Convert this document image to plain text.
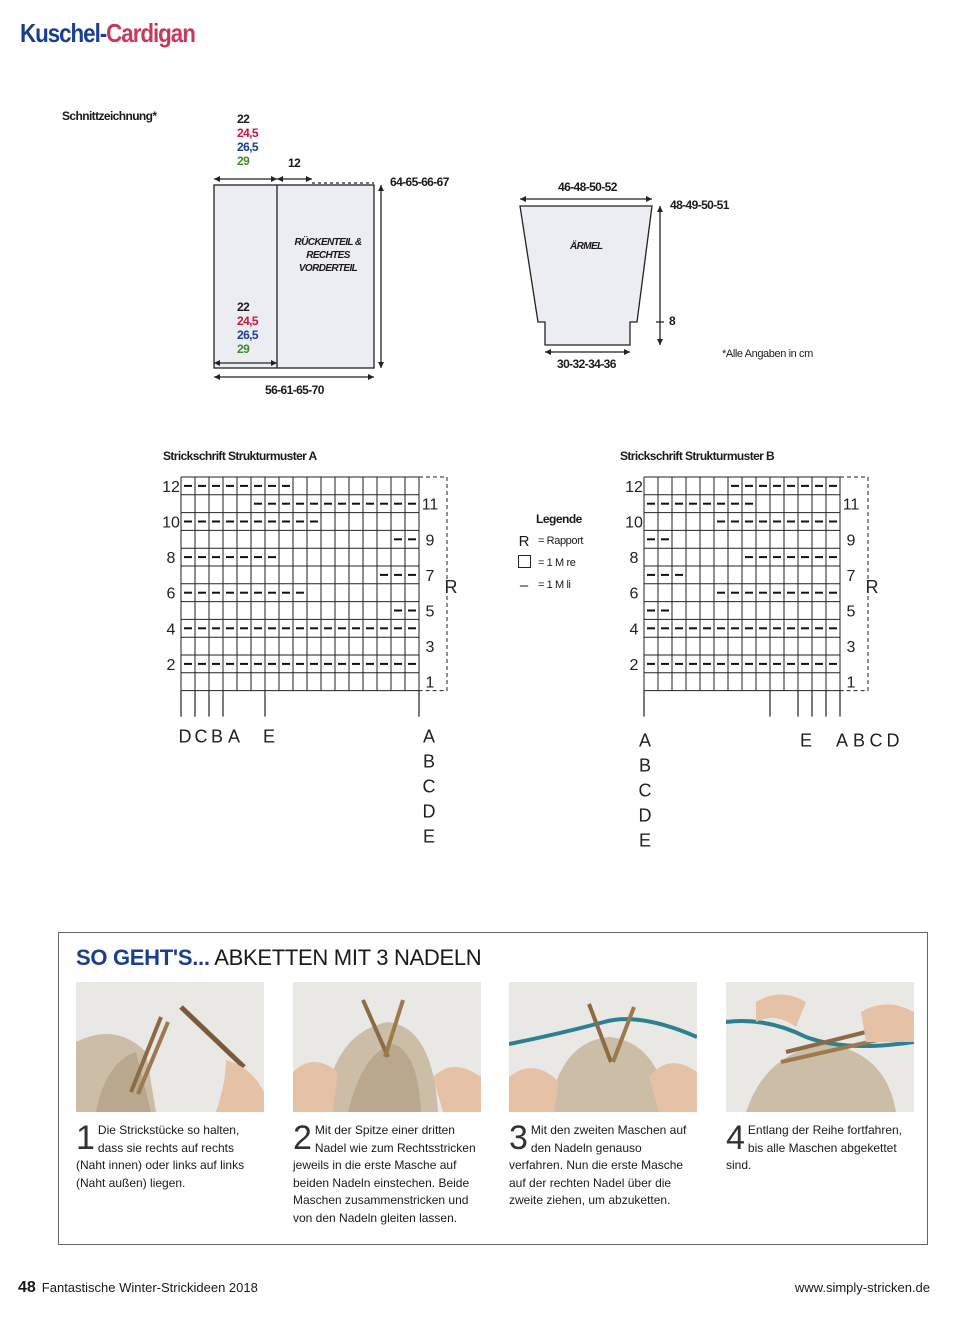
Kuschel-Cardigan
Schnittzeichnung*	22
24,5
26,5
29	12
64-65-66-67
RÜCKENTEIL &
RECHTES
VORDERTEIL
22
24,5
26,5
29
56-61-65-70
46-48-50-52
48-49-50-51
ÄRMEL
8
30-32-34-36
*Alle Angaben in cm
Strickschrift Strukturmuster A	Strickschrift Strukturmuster B
R
12
10
8
6
4
2
11
9
7
5
3
1
D C B A E	A
B
C
D
E
R
12
10
8
6
4
2
11
9
7
5
3
1
A
B
C
D
E
E A B C D
Legende
R = Rapport
= 1 M re
– = 1 M li
SO GEHT'S... ABKETTEN MIT 3 NADELN
1 Die Strickstücke so halten, dass sie rechts auf rechts (Naht innen) oder links auf links (Naht außen) liegen.
2 Mit der Spitze einer dritten Nadel wie zum Rechtsstricken jeweils in die erste Masche auf beiden Nadeln einstechen. Beide Maschen zusammenstricken und von den Nadeln gleiten lassen.
3 Mit den zweiten Maschen auf den Nadeln genauso verfahren. Nun die erste Masche auf der rechten Nadel über die zweite ziehen, um abzuketten.
4 Entlang der Reihe fortfahren, bis alle Maschen abgekettet sind.
48 Fantastische Winter-Strickideen 2018	www.simply-stricken.de
